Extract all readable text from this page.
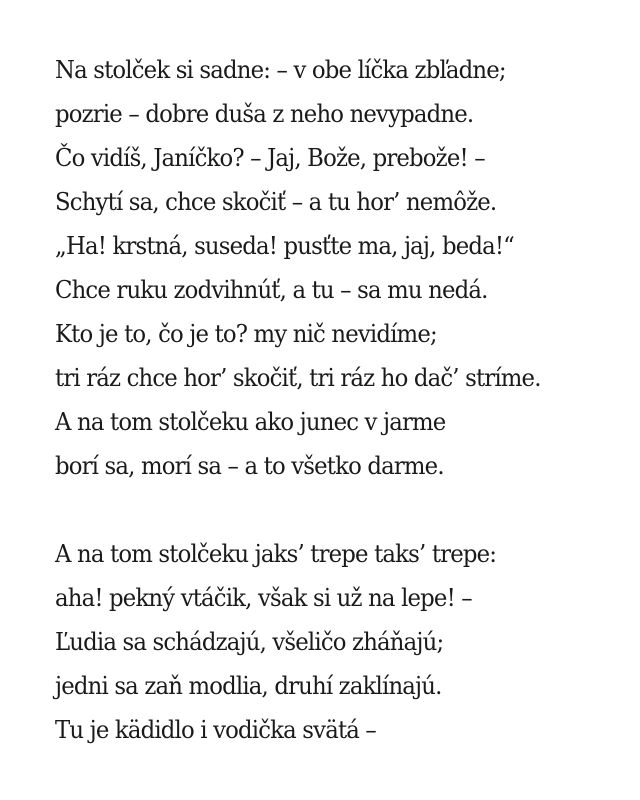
Na stolček si sadne: – v obe líčka zbľadne;
pozrie – dobre duša z neho nevypadne.
Čo vidíš, Janíčko? – Jaj, Bože, prebože! –
Schytí sa, chce skočiť – a tu hor’ nemôže.
„Ha! krstná, suseda! pusťte ma, jaj, beda!“
Chce ruku zodvihnúť, a tu – sa mu nedá.
Kto je to, čo je to? my nič nevidíme;
tri ráz chce hor’ skočiť, tri ráz ho dač’ strímе.
A na tom stolčeku ako junec v jarme
borí sa, morí sa – a to všetko darme.
A na tom stolčeku jaks’ trepe taks’ trepe:
aha! pekný vtáčik, však si už na lepe! –
Ľudia sa schádzajú, všeličo zháňajú;
jedni sa zaň modlia, druhí zaklínajú.
Tu je kädidlo i vodička svätá –
